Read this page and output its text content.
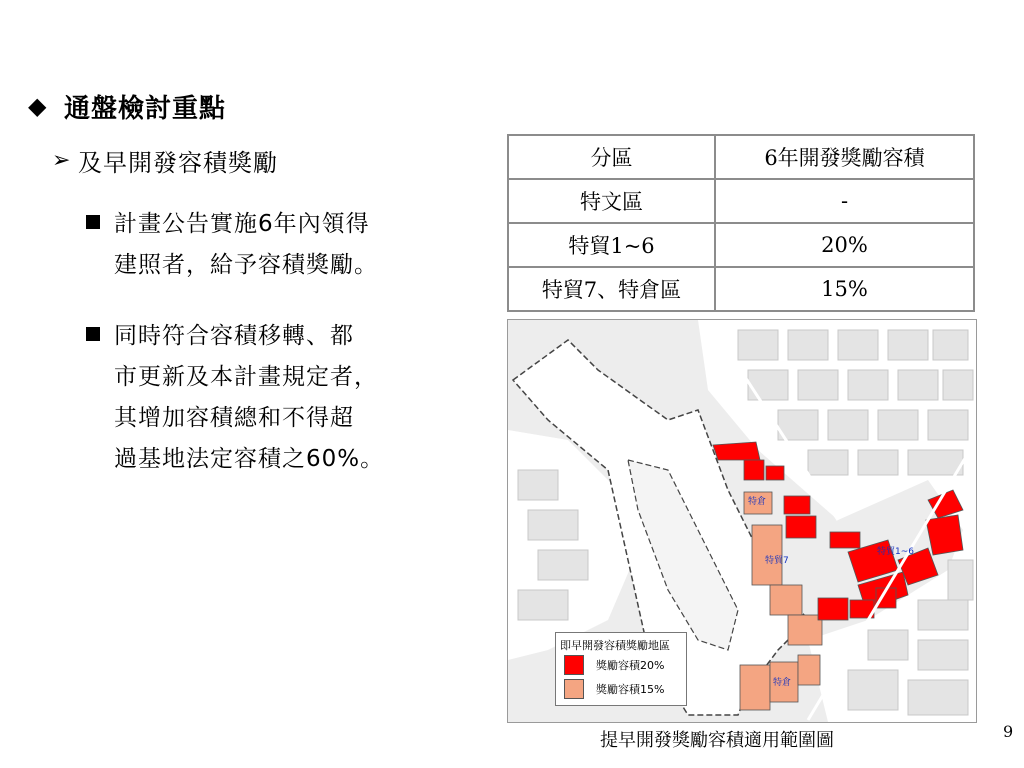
◆ 通盤檢討重點
➢ 及早開發容積獎勵
計畫公告實施6年內領得
建照者，給予容積獎勵。
同時符合容積移轉、都
市更新及本計畫規定者，
其增加容積總和不得超
過基地法定容積之60%。
分區	6年開發獎勵容積
特文區	-
特貿1~6	20%
特貿7、特倉區	15%
特倉
特貿7
特貿1~6
特倉
即早開發容積獎勵地區
獎勵容積20%
獎勵容積15%
提早開發獎勵容積適用範圍圖	9
